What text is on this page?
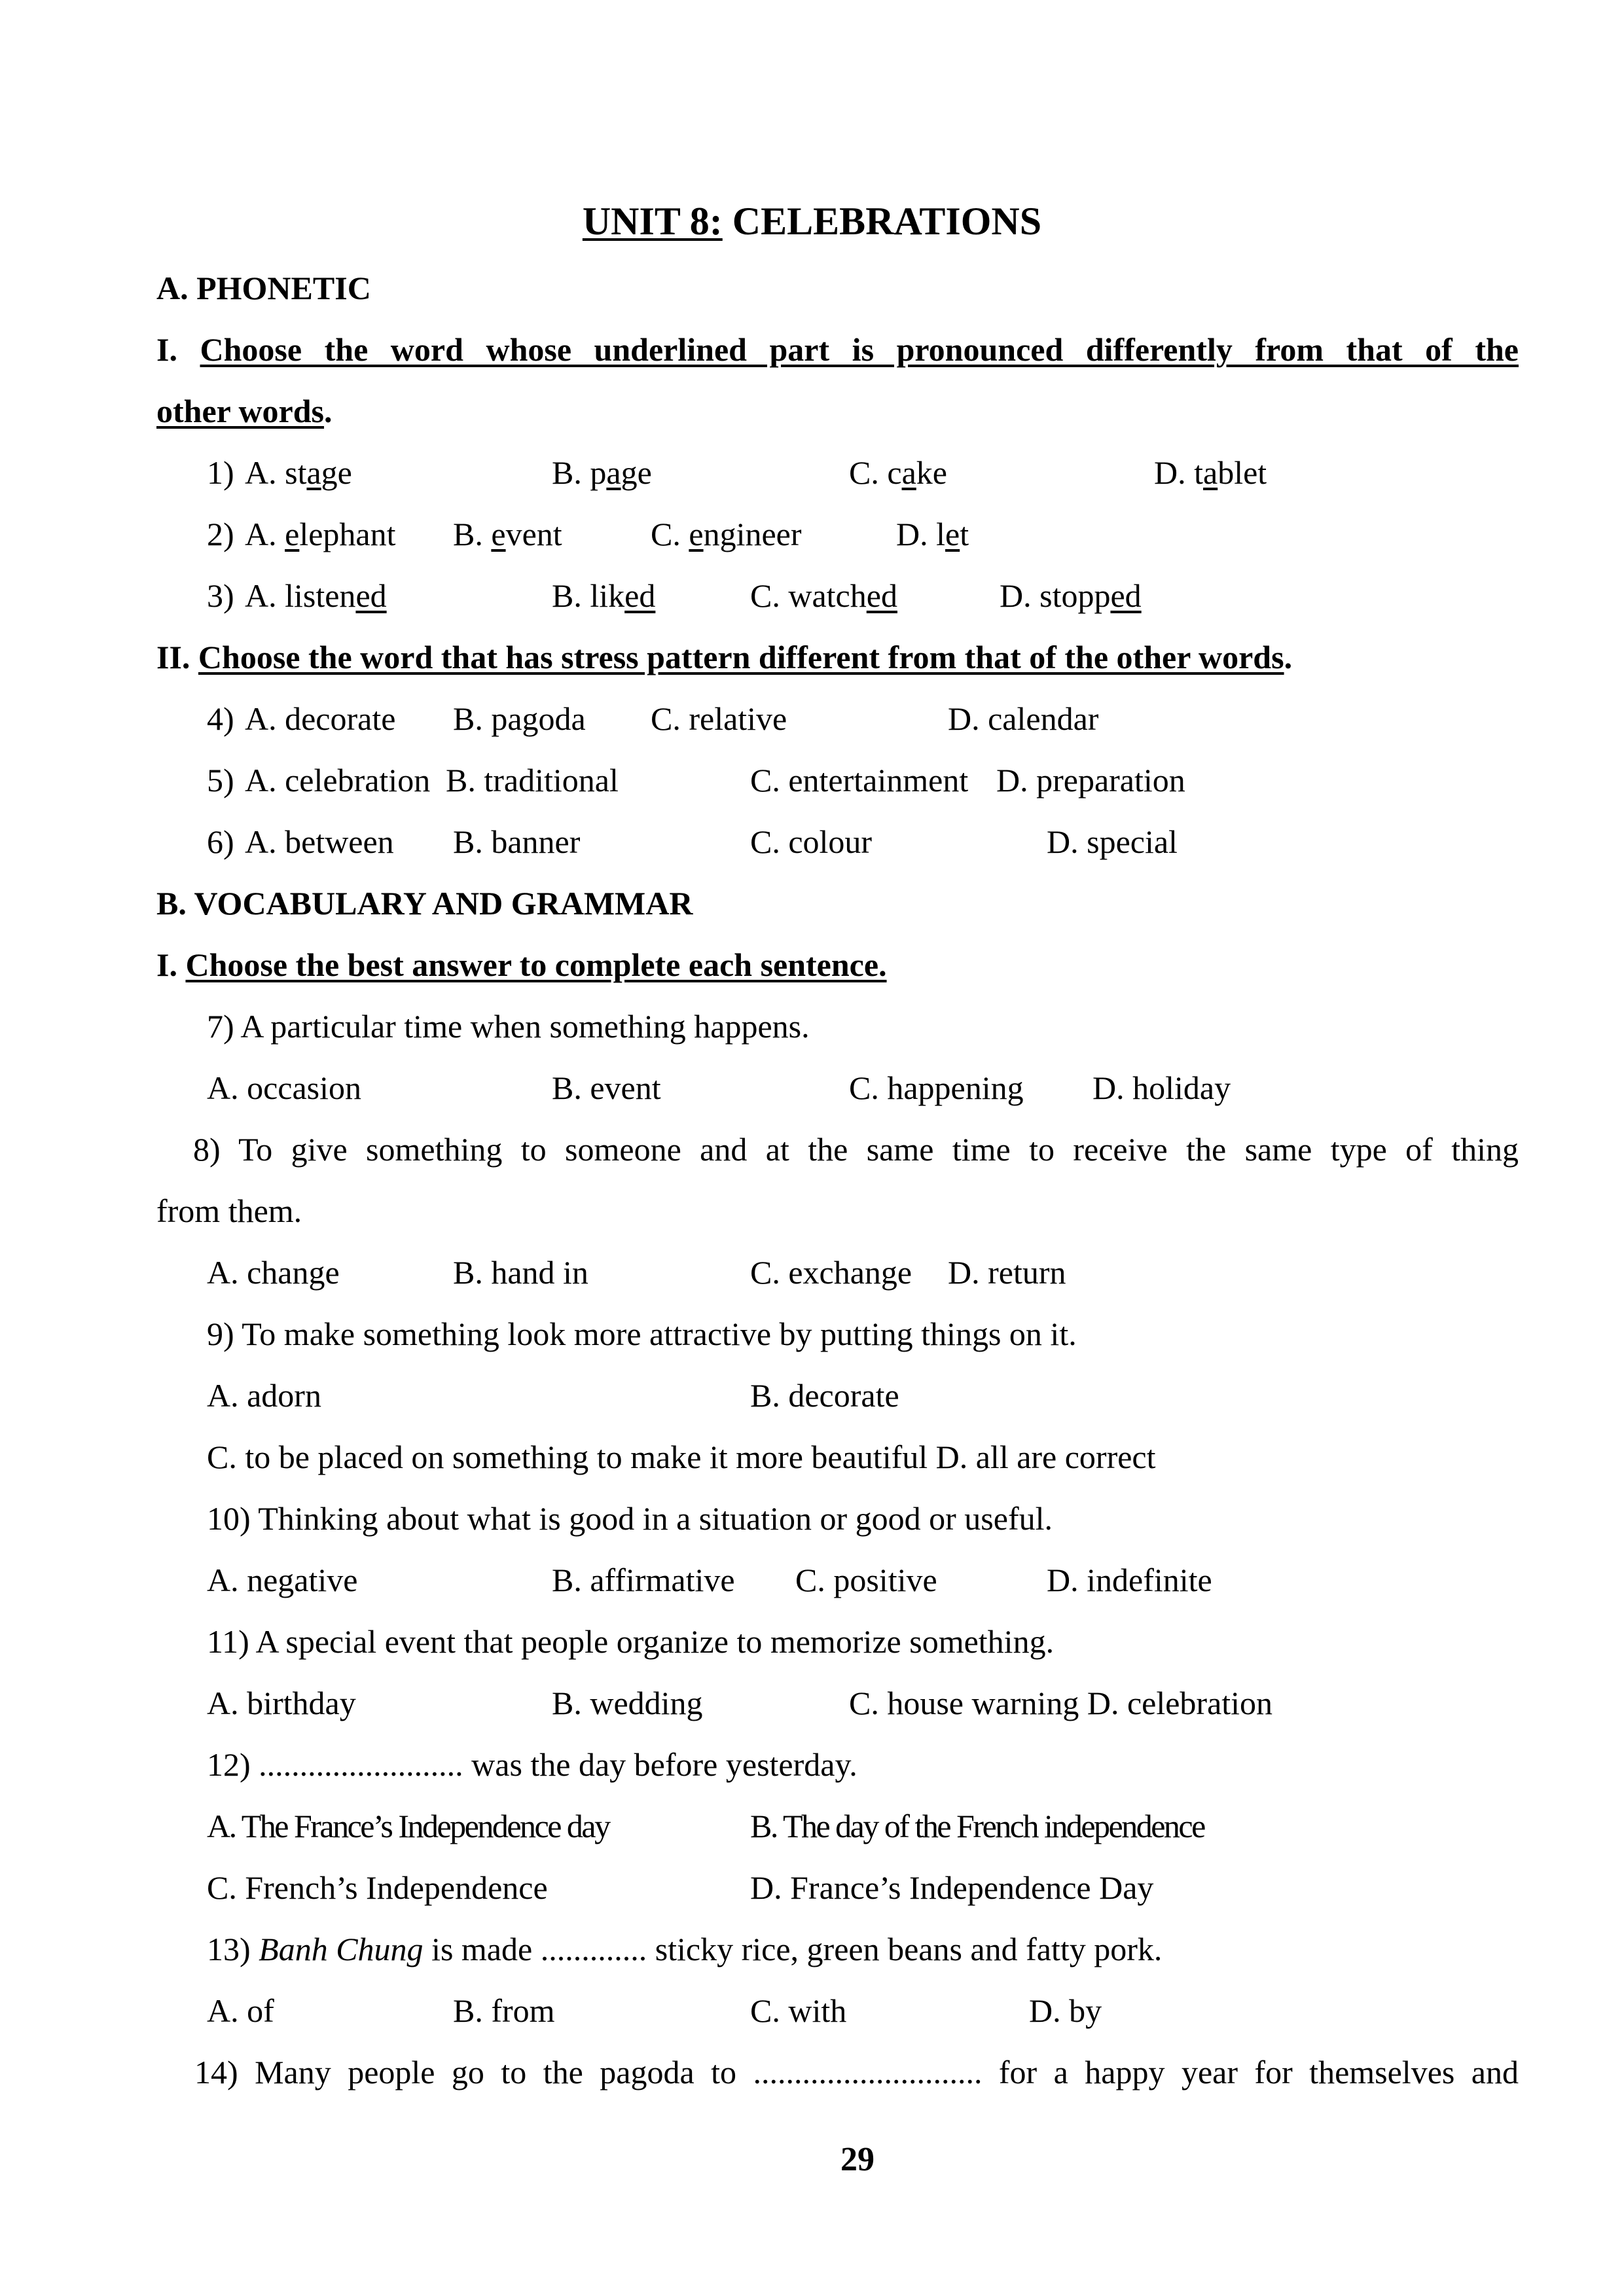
UNIT 8: CELEBRATIONS
A. PHONETIC
I. Choose the word whose underlined part is pronounced differently from that of the
other words.
1) A. stage	B. page	C. cake	D. tablet
2) A. elephant B. event	C. engineer	D. let
3) A. listened	B. liked	C. watched	D. stopped
II. Choose the word that has stress pattern different from that of the other words.
4) A. decorate B. pagoda C. relative	D. calendar
5) A. celebration B. traditional	C. entertainment D. preparation
6) A. between B. banner	C. colour	D. special
B. VOCABULARY AND GRAMMAR
I. Choose the best answer to complete each sentence.
7) A particular time when something happens.
A. occasion	B. event	C. happening D. holiday
8) To give something to someone and at the same time to receive the same type of thing
from them.
A. change	B. hand in	C. exchange D. return
9) To make something look more attractive by putting things on it.
A. adorn	B. decorate
C. to be placed on something to make it more beautiful D. all are correct
10) Thinking about what is good in a situation or good or useful.
A. negative	B. affirmative C. positive	D. indefinite
11) A special event that people organize to memorize something.
A. birthday	B. wedding	C. house warning D. celebration
12) ......................... was the day before yesterday.
A. The France’s Independence day	B. The day of the French independence
C. French’s Independence	D. France’s Independence Day
13) Banh Chung is made ............. sticky rice, green beans and fatty pork.
A. of	B. from	C. with	D. by
14) Many people go to the pagoda to ............................ for a happy year for themselves and
29
